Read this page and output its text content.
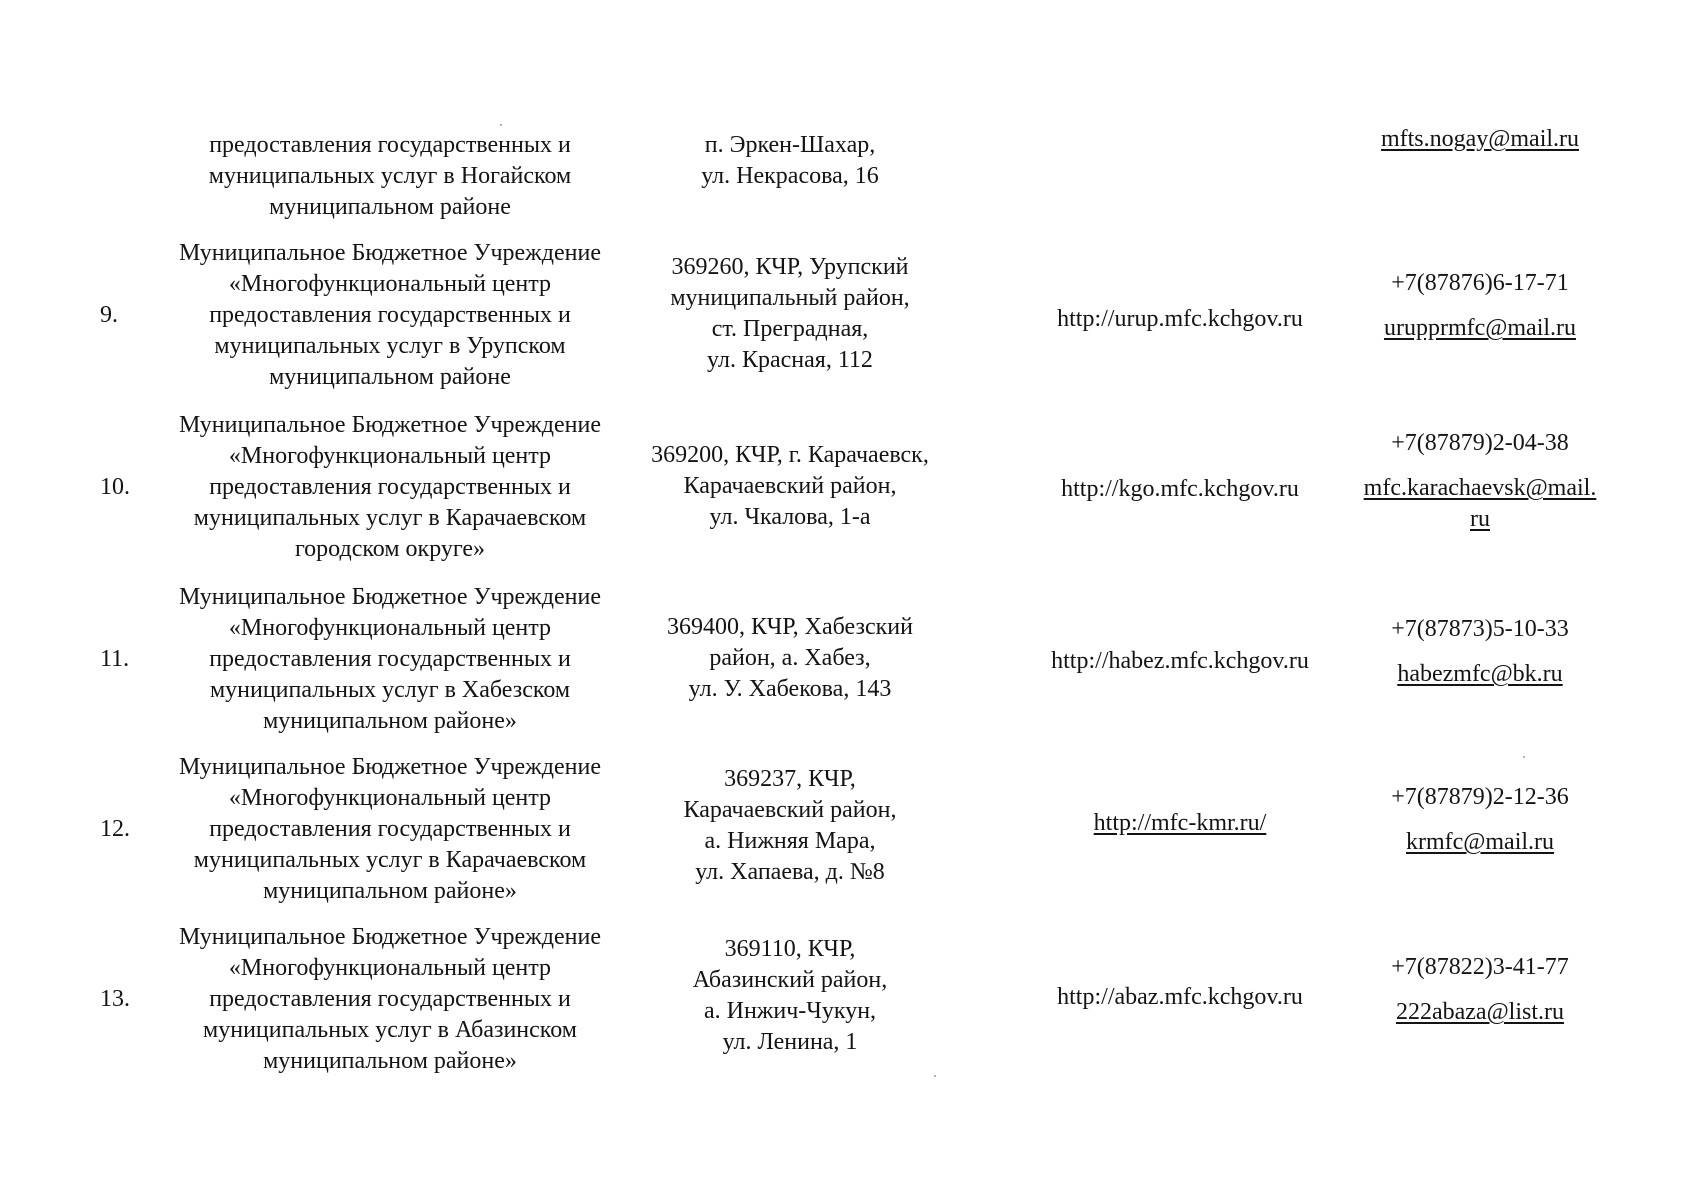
предоставления государственных и
муниципальных услуг в Ногайском
муниципальном районе
п. Эркен-Шахар,
ул. Некрасова, 16
mfts.nogay@mail.ru
9.
Муниципальное Бюджетное Учреждение
«Многофункциональный центр
предоставления государственных и
муниципальных услуг в Урупском
муниципальном районе
369260, КЧР, Урупский
муниципальный район,
ст. Преградная,
ул. Красная, 112
http://urup.mfc.kchgov.ru
+7(87876)6-17-71
urupprmfc@mail.ru
10.
Муниципальное Бюджетное Учреждение
«Многофункциональный центр
предоставления государственных и
муниципальных услуг в Карачаевском
городском округе»
369200, КЧР, г. Карачаевск,
Карачаевский район,
ул. Чкалова, 1-а
http://kgo.mfc.kchgov.ru
+7(87879)2-04-38
mfc.karachaevsk@mail.
ru
11.
Муниципальное Бюджетное Учреждение
«Многофункциональный центр
предоставления государственных и
муниципальных услуг в Хабезском
муниципальном районе»
369400, КЧР, Хабезский
район, а. Хабез,
ул. У. Хабекова, 143
http://habez.mfc.kchgov.ru
+7(87873)5-10-33
habezmfc@bk.ru
12.
Муниципальное Бюджетное Учреждение
«Многофункциональный центр
предоставления государственных и
муниципальных услуг в Карачаевском
муниципальном районе»
369237, КЧР,
Карачаевский район,
а. Нижняя Мара,
ул. Хапаева, д. №8
http://mfc-kmr.ru/
+7(87879)2-12-36
krmfc@mail.ru
13.
Муниципальное Бюджетное Учреждение
«Многофункциональный центр
предоставления государственных и
муниципальных услуг в Абазинском
муниципальном районе»
369110, КЧР,
Абазинский район,
а. Инжич-Чукун,
ул. Ленина, 1
http://abaz.mfc.kchgov.ru
+7(87822)3-41-77
222abaza@list.ru
